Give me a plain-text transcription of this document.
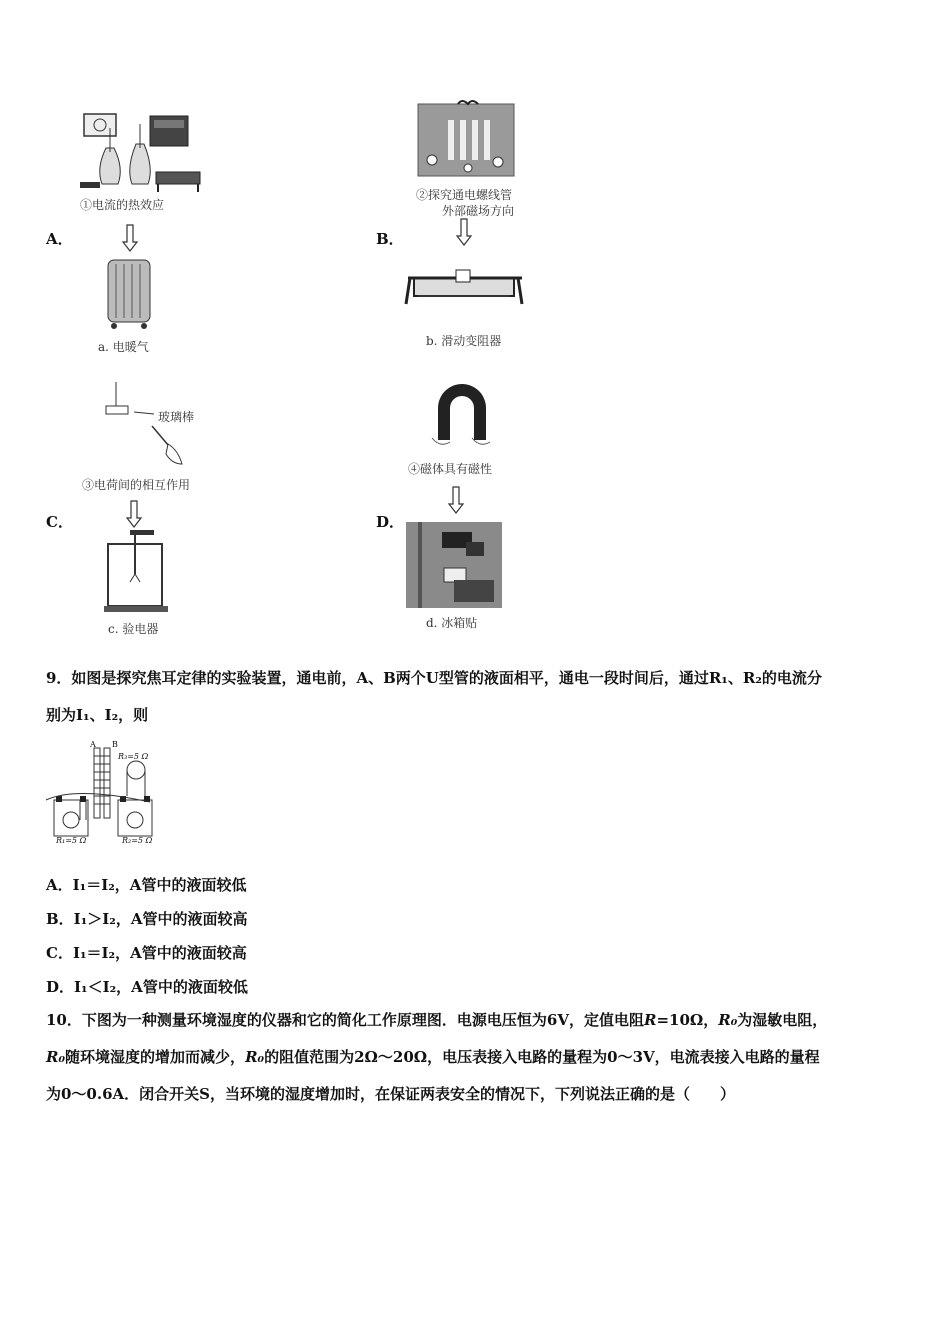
①电流的热效应
a. 电暖气
A．
②探究通电螺线管
外部磁场方向
b. 滑动变阻器
B．
玻璃棒
③电荷间的相互作用
c. 验电器
C．
④磁体具有磁性
d. 冰箱贴
D．
9．如图是探究焦耳定律的实验装置，通电前，A、B两个U型管的液面相平，通电一段时间后，通过R₁、R₂的电流分
别为I₁、I₂，则
A B
R₃=5 Ω
R₁=5 Ω	R₂=5 Ω
A．I₁＝I₂，A管中的液面较低
B．I₁＞I₂，A管中的液面较高
C．I₁＝I₂，A管中的液面较高
D．I₁＜I₂，A管中的液面较低
10．下图为一种测量环境湿度的仪器和它的简化工作原理图．电源电压恒为6V，定值电阻R=10Ω，R₀为湿敏电阻，
R₀随环境湿度的增加而减少，R₀的阻值范围为2Ω～20Ω，电压表接入电路的量程为0～3V，电流表接入电路的量程
为0～0.6A．闭合开关S，当环境的湿度增加时，在保证两表安全的情况下，下列说法正确的是（　　）
